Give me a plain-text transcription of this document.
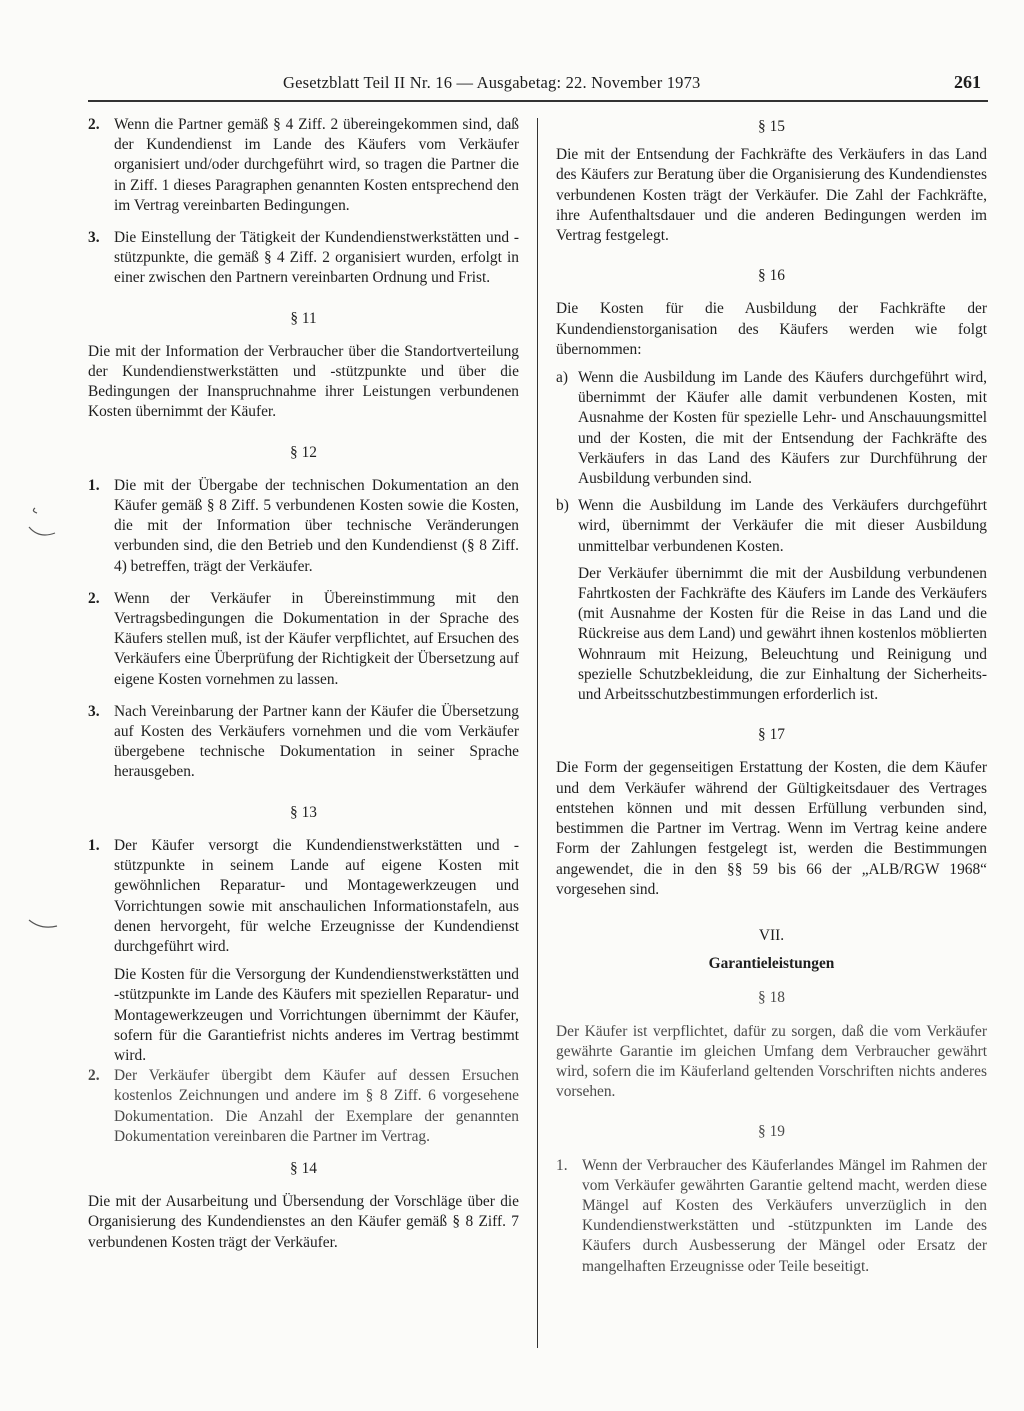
Gesetzblatt Teil II Nr. 16 — Ausgabetag: 22. November 1973	261
2. Wenn die Partner gemäß § 4 Ziff. 2 übereingekommen sind, daß der Kundendienst im Lande des Käufers vom Verkäufer organisiert und/oder durchgeführt wird, so tragen die Partner die in Ziff. 1 dieses Paragraphen genannten Kosten entsprechend den im Vertrag vereinbarten Bedingungen.

3. Die Einstellung der Tätigkeit der Kundendienstwerkstätten und -stützpunkte, die gemäß § 4 Ziff. 2 organisiert wurden, erfolgt in einer zwischen den Partnern vereinbarten Ordnung und Frist.

§ 11

Die mit der Information der Verbraucher über die Standortverteilung der Kundendienstwerkstätten und -stützpunkte und über die Bedingungen der Inanspruchnahme ihrer Leistungen verbundenen Kosten übernimmt der Käufer.

§ 12
1. Die mit der Übergabe der technischen Dokumentation an den Käufer gemäß § 8 Ziff. 5 verbundenen Kosten sowie die Kosten, die mit der Information über technische Veränderungen verbunden sind, die den Betrieb und den Kundendienst (§ 8 Ziff. 4) betreffen, trägt der Verkäufer.

2. Wenn der Verkäufer in Übereinstimmung mit den Vertragsbedingungen die Dokumentation in der Sprache des Käufers stellen muß, ist der Käufer verpflichtet, auf Ersuchen des Verkäufers eine Überprüfung der Richtigkeit der Übersetzung auf eigene Kosten vornehmen zu lassen.

3. Nach Vereinbarung der Partner kann der Käufer die Übersetzung auf Kosten des Verkäufers vornehmen und die vom Verkäufer übergebene technische Dokumentation in seiner Sprache herausgeben.

§ 13
1. Der Käufer versorgt die Kundendienstwerkstätten und -stützpunkte in seinem Lande auf eigene Kosten mit gewöhnlichen Reparatur- und Montagewerkzeugen und Vorrichtungen sowie mit anschaulichen Informationstafeln, aus denen hervorgeht, für welche Erzeugnisse der Kundendienst durchgeführt wird.

Die Kosten für die Versorgung der Kundendienstwerkstätten und -stützpunkte im Lande des Käufers mit speziellen Reparatur- und Montagewerkzeugen und Vorrichtungen übernimmt der Käufer, sofern für die Garantiefrist nichts anderes im Vertrag bestimmt wird.

2. Der Verkäufer übergibt dem Käufer auf dessen Ersuchen kostenlos Zeichnungen und andere im § 8 Ziff. 6 vorgesehene Dokumentation. Die Anzahl der Exemplare der genannten Dokumentation vereinbaren die Partner im Vertrag.

§ 14

Die mit der Ausarbeitung und Übersendung der Vorschläge über die Organisierung des Kundendienstes an den Käufer gemäß § 8 Ziff. 7 verbundenen Kosten trägt der Verkäufer.

§ 15

Die mit der Entsendung der Fachkräfte des Verkäufers in das Land des Käufers zur Beratung über die Organisierung des Kundendienstes verbundenen Kosten trägt der Verkäufer. Die Zahl der Fachkräfte, ihre Aufenthaltsdauer und die anderen Bedingungen werden im Vertrag festgelegt.

§ 16

Die Kosten für die Ausbildung der Fachkräfte der Kundendienstorganisation des Käufers werden wie folgt übernommen:

a) Wenn die Ausbildung im Lande des Käufers durchgeführt wird, übernimmt der Käufer alle damit verbundenen Kosten, mit Ausnahme der Kosten für spezielle Lehr- und Anschauungsmittel und der Kosten, die mit der Entsendung der Fachkräfte des Verkäufers in das Land des Käufers zur Durchführung der Ausbildung verbunden sind.

b) Wenn die Ausbildung im Lande des Verkäufers durchgeführt wird, übernimmt der Verkäufer die mit dieser Ausbildung unmittelbar verbundenen Kosten.

Der Verkäufer übernimmt die mit der Ausbildung verbundenen Fahrtkosten der Fachkräfte des Käufers im Lande des Verkäufers (mit Ausnahme der Kosten für die Reise in das Land und die Rückreise aus dem Land) und gewährt ihnen kostenlos möblierten Wohnraum mit Heizung, Beleuchtung und Reinigung und spezielle Schutzbekleidung, die zur Einhaltung der Sicherheits- und Arbeitsschutzbestimmungen erforderlich ist.

§ 17

Die Form der gegenseitigen Erstattung der Kosten, die dem Käufer und dem Verkäufer während der Gültigkeitsdauer des Vertrages entstehen können und mit dessen Erfüllung verbunden sind, bestimmen die Partner im Vertrag. Wenn im Vertrag keine andere Form der Zahlungen festgelegt ist, werden die Bestimmungen angewendet, die in den §§ 59 bis 66 der „ALB/RGW 1968“ vorgesehen sind.

VII.
Garantieleistungen
§ 18

Der Käufer ist verpflichtet, dafür zu sorgen, daß die vom Verkäufer gewährte Garantie im gleichen Umfang dem Verbraucher gewährt wird, sofern die im Käuferland geltenden Vorschriften nichts anderes vorsehen.

§ 19
1. Wenn der Verbraucher des Käuferlandes Mängel im Rahmen der vom Verkäufer gewährten Garantie geltend macht, werden diese Mängel auf Kosten des Verkäufers unverzüglich in den Kundendienstwerkstätten und -stützpunkten im Lande des Käufers durch Ausbesserung der Mängel oder Ersatz der mangelhaften Erzeugnisse oder Teile beseitigt.
